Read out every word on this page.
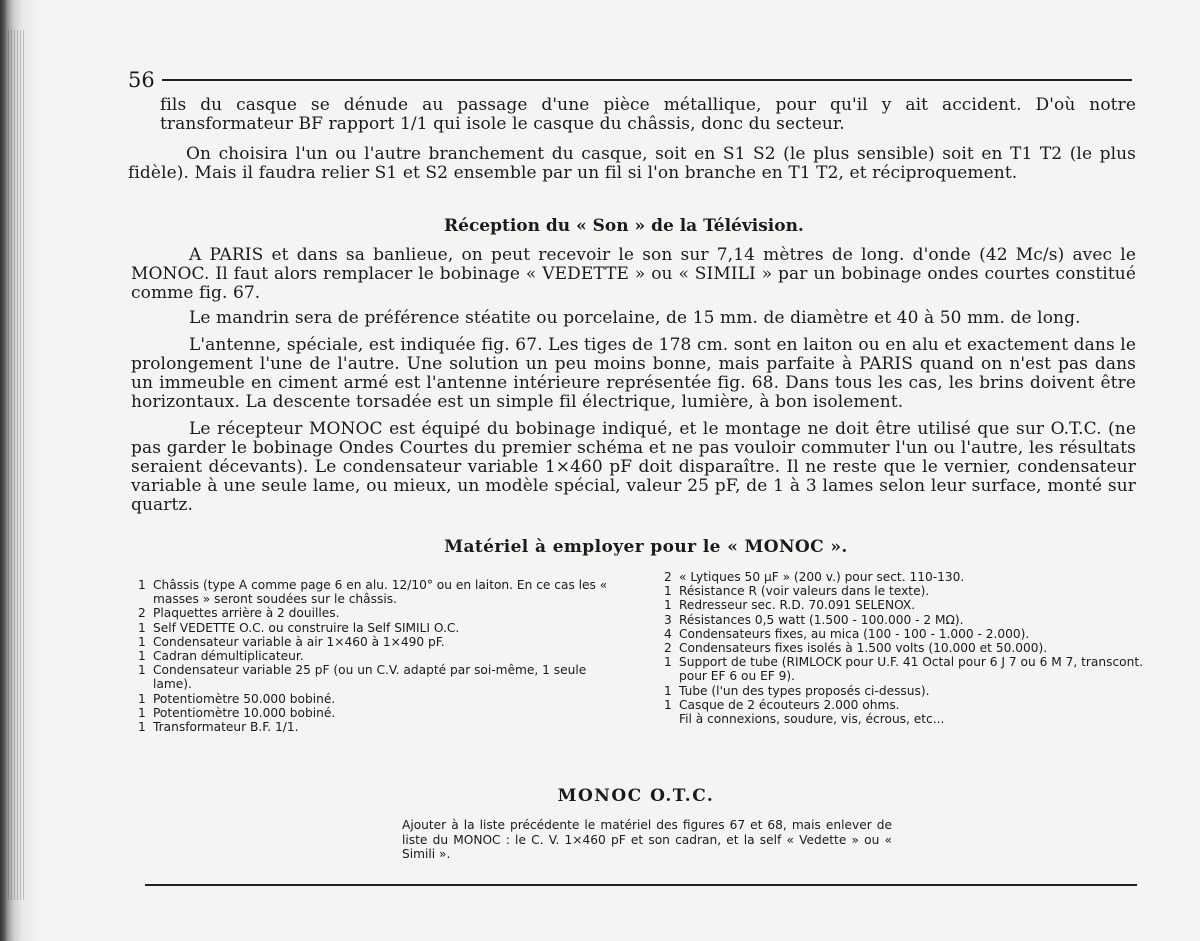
56

fils du casque se dénude au passage d'une pièce métallique, pour qu'il y ait accident. D'où notre transformateur BF rapport 1/1 qui isole le casque du châssis, donc du secteur.

On choisira l'un ou l'autre branchement du casque, soit en S1 S2 (le plus sensible) soit en T1 T2 (le plus fidèle). Mais il faudra relier S1 et S2 ensemble par un fil si l'on branche en T1 T2, et réciproquement.

Réception du « Son » de la Télévision.

A PARIS et dans sa banlieue, on peut recevoir le son sur 7,14 mètres de long. d'onde (42 Mc/s) avec le MONOC. Il faut alors remplacer le bobinage « VEDETTE » ou « SIMILI » par un bobinage ondes courtes constitué comme fig. 67.

Le mandrin sera de préférence stéatite ou porcelaine, de 15 mm. de diamètre et 40 à 50 mm. de long.

L'antenne, spéciale, est indiquée fig. 67. Les tiges de 178 cm. sont en laiton ou en alu et exactement dans le prolongement l'une de l'autre. Une solution un peu moins bonne, mais parfaite à PARIS quand on n'est pas dans un immeuble en ciment armé est l'antenne intérieure représentée fig. 68. Dans tous les cas, les brins doivent être horizontaux. La descente torsadée est un simple fil électrique, lumière, à bon isolement.

Le récepteur MONOC est équipé du bobinage indiqué, et le montage ne doit être utilisé que sur O.T.C. (ne pas garder le bobinage Ondes Courtes du premier schéma et ne pas vouloir commuter l'un ou l'autre, les résultats seraient décevants). Le condensateur variable 1×460 pF doit disparaître. Il ne reste que le vernier, condensateur variable à une seule lame, ou mieux, un modèle spécial, valeur 25 pF, de 1 à 3 lames selon leur surface, monté sur quartz.

Matériel à employer pour le « MONOC ».
1 Châssis (type A comme page 6 en alu. 12/10° ou en laiton. En ce cas les « masses » seront soudées sur le châssis.
2 Plaquettes arrière à 2 douilles.
1 Self VEDETTE O.C. ou construire la Self SIMILI O.C.
1 Condensateur variable à air 1×460 à 1×490 pF.
1 Cadran démultiplicateur.
1 Condensateur variable 25 pF (ou un C.V. adapté par soi-même, 1 seule lame).
1 Potentiomètre 50.000 bobiné.
1 Potentiomètre 10.000 bobiné.
1 Transformateur B.F. 1/1.
2 « Lytiques 50 µF » (200 v.) pour sect. 110-130.
1 Résistance R (voir valeurs dans le texte).
1 Redresseur sec. R.D. 70.091 SELENOX.
3 Résistances 0,5 watt (1.500 - 100.000 - 2 MΩ).
4 Condensateurs fixes, au mica (100 - 100 - 1.000 - 2.000).
2 Condensateurs fixes isolés à 1.500 volts (10.000 et 50.000).
1 Support de tube (RIMLOCK pour U.F. 41 Octal pour 6 J 7 ou 6 M 7, transcont. pour EF 6 ou EF 9).
1 Tube (l'un des types proposés ci-dessus).
1 Casque de 2 écouteurs 2.000 ohms.
Fil à connexions, soudure, vis, écrous, etc...
MONOC O.T.C.

Ajouter à la liste précédente le matériel des figures 67 et 68, mais enlever de liste du MONOC : le C. V. 1×460 pF et son cadran, et la self « Vedette » ou « Simili ».
